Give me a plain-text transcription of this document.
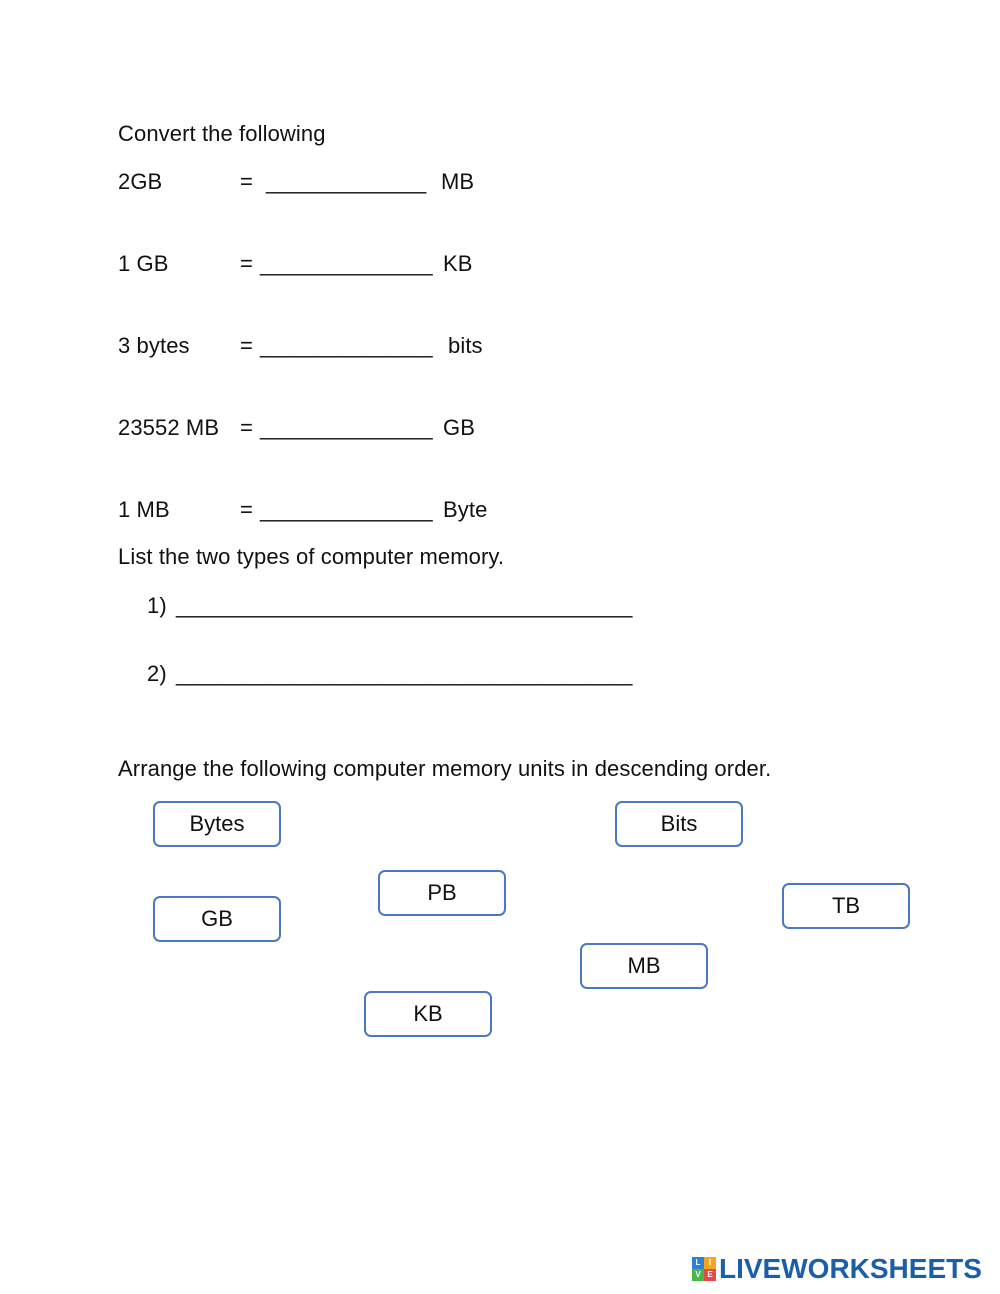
Convert the following
2GB	= _____________ MB
1 GB	= ______________ KB
3 bytes = ______________ bits
23552 MB = ______________ GB
1 MB	= ______________ Byte
List the two types of computer memory.
1) _____________________________________
2) _____________________________________
Arrange the following computer memory units in descending order.
Bytes	Bits
PB
TB
GB
MB
KB
L	I
V E LIVEWORKSHEETS
